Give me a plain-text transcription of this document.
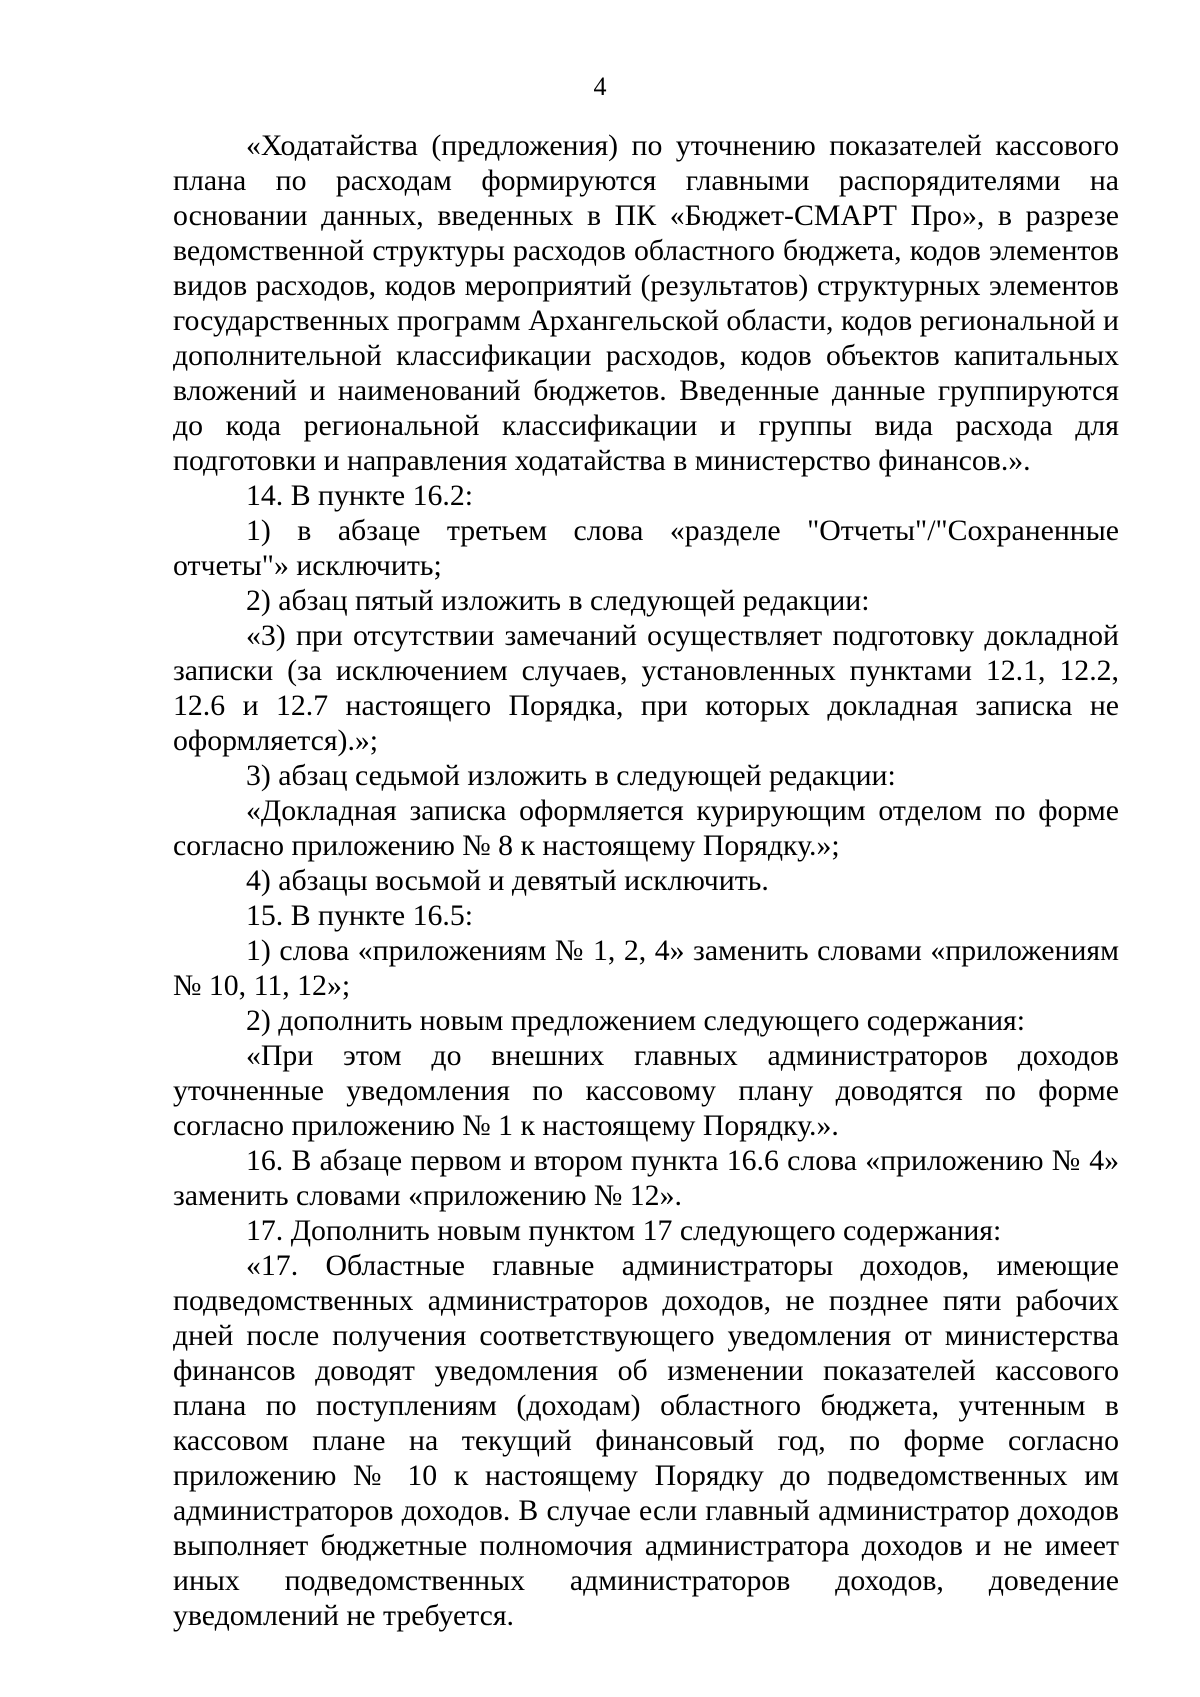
4

«Ходатайства (предложения) по уточнению показателей кассового плана по расходам формируются главными распорядителями на основании данных, введенных в ПК «Бюджет-СМАРТ Про», в разрезе ведомственной структуры расходов областного бюджета, кодов элементов видов расходов, кодов мероприятий (результатов) структурных элементов государственных программ Архангельской области, кодов региональной и дополнительной классификации расходов, кодов объектов капитальных вложений и наименований бюджетов. Введенные данные группируются до кода региональной классификации и группы вида расхода для подготовки и направления ходатайства в министерство финансов.».

14. В пункте 16.2:

1) в абзаце третьем слова «разделе "Отчеты"/"Сохраненные отчеты"» исключить;

2) абзац пятый изложить в следующей редакции:

«3) при отсутствии замечаний осуществляет подготовку докладной записки (за исключением случаев, установленных пунктами 12.1, 12.2, 12.6 и 12.7 настоящего Порядка, при которых докладная записка не оформляется).»;

3) абзац седьмой изложить в следующей редакции:

«Докладная записка оформляется курирующим отделом по форме согласно приложению № 8 к настоящему Порядку.»;

4) абзацы восьмой и девятый исключить.

15. В пункте 16.5:

1) слова «приложениям № 1, 2, 4» заменить словами «приложениям № 10, 11, 12»;

2) дополнить новым предложением следующего содержания:

«При этом до внешних главных администраторов доходов уточненные уведомления по кассовому плану доводятся по форме согласно приложению № 1 к настоящему Порядку.».

16. В абзаце первом и втором пункта 16.6 слова «приложению № 4» заменить словами «приложению № 12».

17. Дополнить новым пунктом 17 следующего содержания:

«17. Областные главные администраторы доходов, имеющие подведомственных администраторов доходов, не позднее пяти рабочих дней после получения соответствующего уведомления от министерства финансов доводят уведомления об изменении показателей кассового плана по поступлениям (доходам) областного бюджета, учтенным в кассовом плане на текущий финансовый год, по форме согласно приложению № 10 к настоящему Порядку до подведомственных им администраторов доходов. В случае если главный администратор доходов выполняет бюджетные полномочия администратора доходов и не имеет иных подведомственных администраторов доходов, доведение уведомлений не требуется.
